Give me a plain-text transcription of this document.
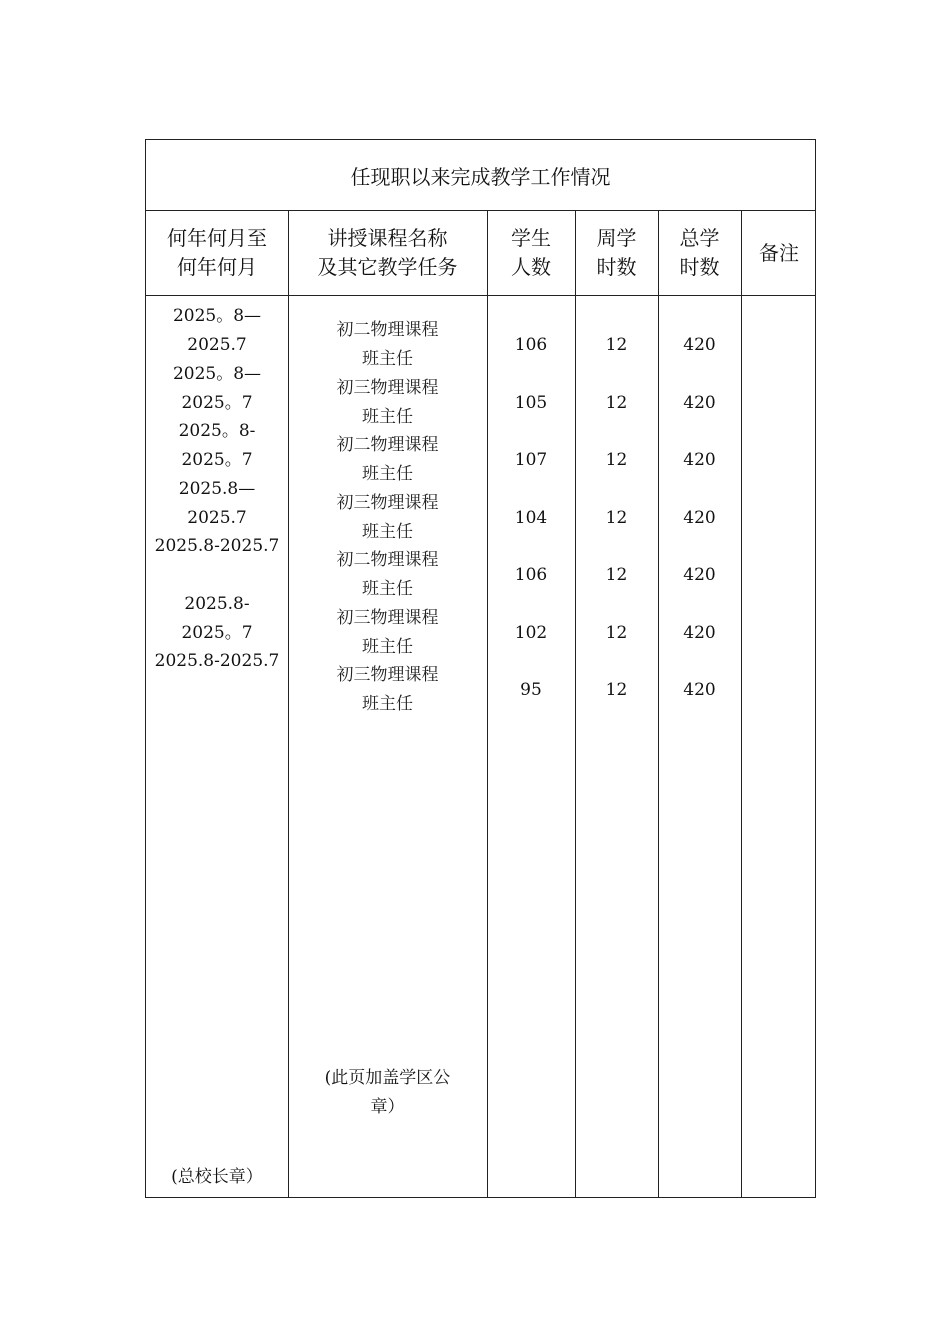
任现职以来完成教学工作情况
何年何月至
何年何月
讲授课程名称
及其它教学任务
学生
人数
周学
时数
总学
时数
备注
2025。8—
2025.7
2025。8—
2025。7
2025。8-
2025。7
2025.8—
2025.7
2025.8-2025.7
2025.8-
2025。7
2025.8-2025.7
初二物理课程
班主任
初三物理课程
班主任
初二物理课程
班主任
初三物理课程
班主任
初二物理课程
班主任
初三物理课程
班主任
初三物理课程
班主任
106
105
107
104
106
102
95
12
12
12
12
12
12
12
420
420
420
420
420
420
420
(此页加盖学区公
章）
(总校长章）
